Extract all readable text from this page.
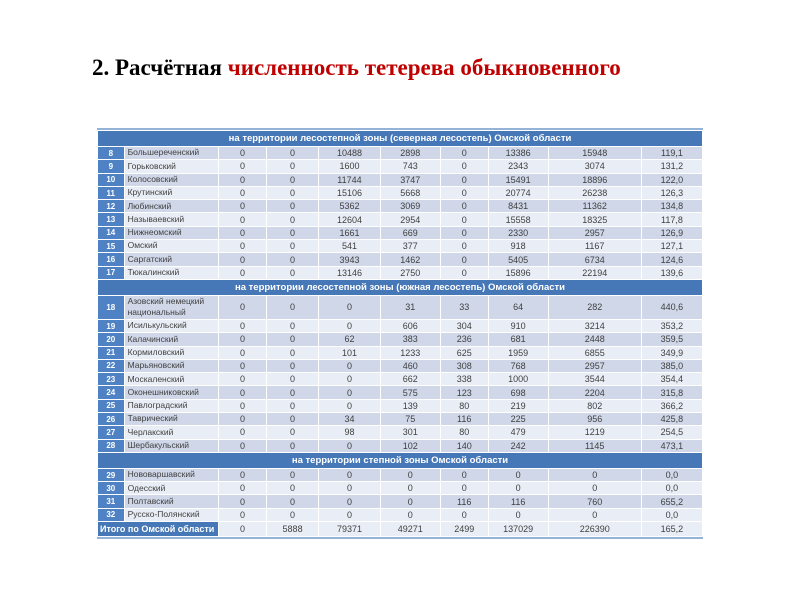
2. Расчётная численность тетерева обыкновенного
на территории лесостепной зоны (северная лесостепь) Омской области									
8	Большереченский	0	0	10488	2898	0	13386	15948	119,1
9	Горьковский	0	0	1600	743	0	2343	3074	131,2
10	Колосовский	0	0	11744	3747	0	15491	18896	122,0
11	Крутинский	0	0	15106	5668	0	20774	26238	126,3
12	Любинский	0	0	5362	3069	0	8431	11362	134,8
13	Называевский	0	0	12604	2954	0	15558	18325	117,8
14	Нижнеомский	0	0	1661	669	0	2330	2957	126,9
15	Омский	0	0	541	377	0	918	1167	127,1
16	Саргатский	0	0	3943	1462	0	5405	6734	124,6
17	Тюкалинский	0	0	13146	2750	0	15896	22194	139,6
на территории лесостепной зоны (южная лесостепь) Омской области									
18	Азовский немецкий национальный	0	0	0	31	33	64	282	440,6
19	Исилькульский	0	0	0	606	304	910	3214	353,2
20	Калачинский	0	0	62	383	236	681	2448	359,5
21	Кормиловский	0	0	101	1233	625	1959	6855	349,9
22	Марьяновский	0	0	0	460	308	768	2957	385,0
23	Москаленский	0	0	0	662	338	1000	3544	354,4
24	Оконешниковский	0	0	0	575	123	698	2204	315,8
25	Павлоградский	0	0	0	139	80	219	802	366,2
26	Таврический	0	0	34	75	116	225	956	425,8
27	Черлакский	0	0	98	301	80	479	1219	254,5
28	Шербакульский	0	0	0	102	140	242	1145	473,1
на территории степной зоны Омской области									
29	Нововаршавский	0	0	0	0	0	0	0	0,0
30	Одесский	0	0	0	0	0	0	0	0,0
31	Полтавский	0	0	0	0	116	116	760	655,2
32	Русско-Полянский	0	0	0	0	0	0	0	0,0
Итого по Омской области		0	5888	79371	49271	2499	137029	226390	165,2
